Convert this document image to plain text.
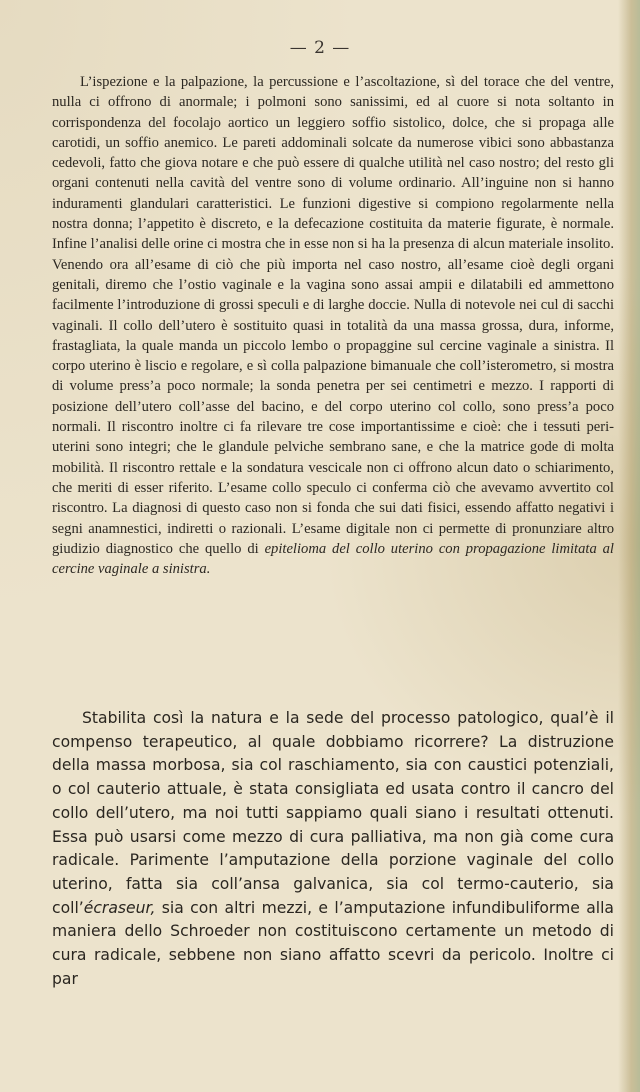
— 2 —

L’ispezione e la palpazione, la percussione e l’ascoltazione, sì del torace che del ventre, nulla ci offrono di anormale; i polmoni sono sanissimi, ed al cuore si nota soltanto in corrispondenza del focolajo aortico un leggiero soffio sistolico, dolce, che si propaga alle carotidi, un soffio anemico. Le pareti addominali solcate da numerose vibici sono abbastanza cedevoli, fatto che giova notare e che può essere di qualche utilità nel caso nostro; del resto gli organi contenuti nella cavità del ventre sono di volume ordinario. All’inguine non si hanno induramenti glandulari caratteristici. Le funzioni digestive si compiono regolarmente nella nostra donna; l’appetito è discreto, e la defecazione costituita da materie figurate, è normale. Infine l’analisi delle orine ci mostra che in esse non si ha la presenza di alcun materiale insolito. Venendo ora all’esame di ciò che più importa nel caso nostro, all’esame cioè degli organi genitali, diremo che l’ostio vaginale e la vagina sono assai ampii e dilatabili ed ammettono facilmente l’introduzione di grossi speculi e di larghe doccie. Nulla di notevole nei cul di sacchi vaginali. Il collo dell’utero è sostituito quasi in totalità da una massa grossa, dura, informe, frastagliata, la quale manda un piccolo lembo o propaggine sul cercine vaginale a sinistra. Il corpo uterino è liscio e regolare, e sì colla palpazione bimanuale che coll’isterometro, si mostra di volume press’a poco normale; la sonda penetra per sei centimetri e mezzo. I rapporti di posizione dell’utero coll’asse del bacino, e del corpo uterino col collo, sono press’a poco normali. Il riscontro inoltre ci fa rilevare tre cose importantissime e cioè: che i tessuti peri-uterini sono integri; che le glandule pelviche sembrano sane, e che la matrice gode di molta mobilità. Il riscontro rettale e la sondatura vescicale non ci offrono alcun dato o schiarimento, che meriti di esser riferito. L’esame collo speculo ci conferma ciò che avevamo avvertito col riscontro. La diagnosi di questo caso non si fonda che sui dati fisici, essendo affatto negativi i segni anamnestici, indiretti o razionali. L’esame digitale non ci permette di pronunziare altro giudizio diagnostico che quello di epitelioma del collo uterino con propagazione limitata al cercine vaginale a sinistra.

Stabilita così la natura e la sede del processo patologico, qual’è il compenso terapeutico, al quale dobbiamo ricorrere? La distruzione della massa morbosa, sia col raschiamento, sia con caustici potenziali, o col cauterio attuale, è stata consigliata ed usata contro il cancro del collo dell’utero, ma noi tutti sappiamo quali siano i resultati ottenuti. Essa può usarsi come mezzo di cura palliativa, ma non già come cura radicale. Parimente l’amputazione della porzione vaginale del collo uterino, fatta sia coll’ansa galvanica, sia col termo-cauterio, sia coll’écraseur, sia con altri mezzi, e l’amputazione infundibuliforme alla maniera dello Schroeder non costituiscono certamente un metodo di cura radicale, sebbene non siano affatto scevri da pericolo. Inoltre ci par
